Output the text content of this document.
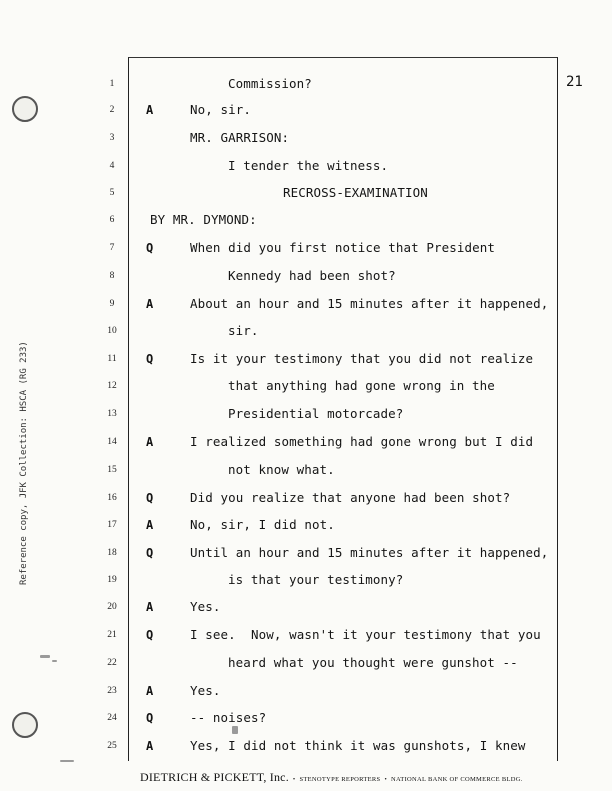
21
Reference copy, JFK Collection: HSCA (RG 233)
1
2
3
4
5
6
7
8
9
10
11
12
13
14
15
16
17
18
19
20
21
22
23
24
25
Commission?
A	No, sir.
MR. GARRISON:
I tender the witness.
RECROSS-EXAMINATION
BY MR. DYMOND:
Q	When did you first notice that President
Kennedy had been shot?
A	About an hour and 15 minutes after it happened,
sir.
Q	Is it your testimony that you did not realize
that anything had gone wrong in the
Presidential motorcade?
A	I realized something had gone wrong but I did
not know what.
Q	Did you realize that anyone had been shot?
A	No, sir, I did not.
Q	Until an hour and 15 minutes after it happened,
is that your testimony?
A	Yes.
Q	I see.  Now, wasn't it your testimony that you
heard what you thought were gunshot --
A	Yes.
Q	-- noises?
A	Yes, I did not think it was gunshots, I knew
DIETRICH & PICKETT, Inc. • STENOTYPE REPORTERS • NATIONAL BANK OF COMMERCE BLDG.
